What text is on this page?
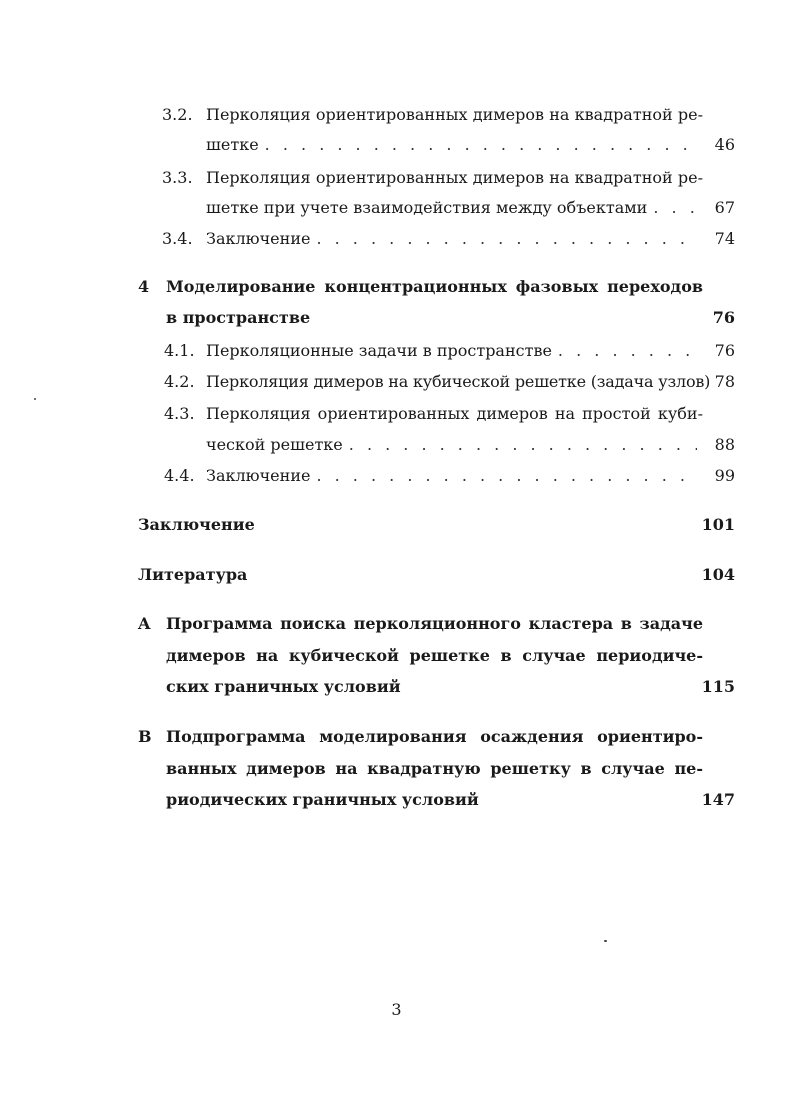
3.2. Перколяция ориентированных димеров на квадратной ре-
шетке . . .	46
3.3. Перколяция ориентированных димеров на квадратной ре-
шетке при учете взаимодействия между объектами . . .	67
3.4. Заключение . . .	74
4 Моделирование концентрационных фазовых переходов
в пространстве	76
4.1. Перколяционные задачи в пространстве . . .	76
4.2. Перколяция димеров на кубической решетке (задача узлов) 78
4.3. Перколяция ориентированных димеров на простой куби-
ческой решетке . . .	88
4.4. Заключение . . .	99
Заключение	101
Литература	104
A Программа поиска перколяционного кластера в задаче
димеров на кубической решетке в случае периодиче-
ских граничных условий	115
B Подпрограмма моделирования осаждения ориентиро-
ванных димеров на квадратную решетку в случае пе-
риодических граничных условий	147
3
